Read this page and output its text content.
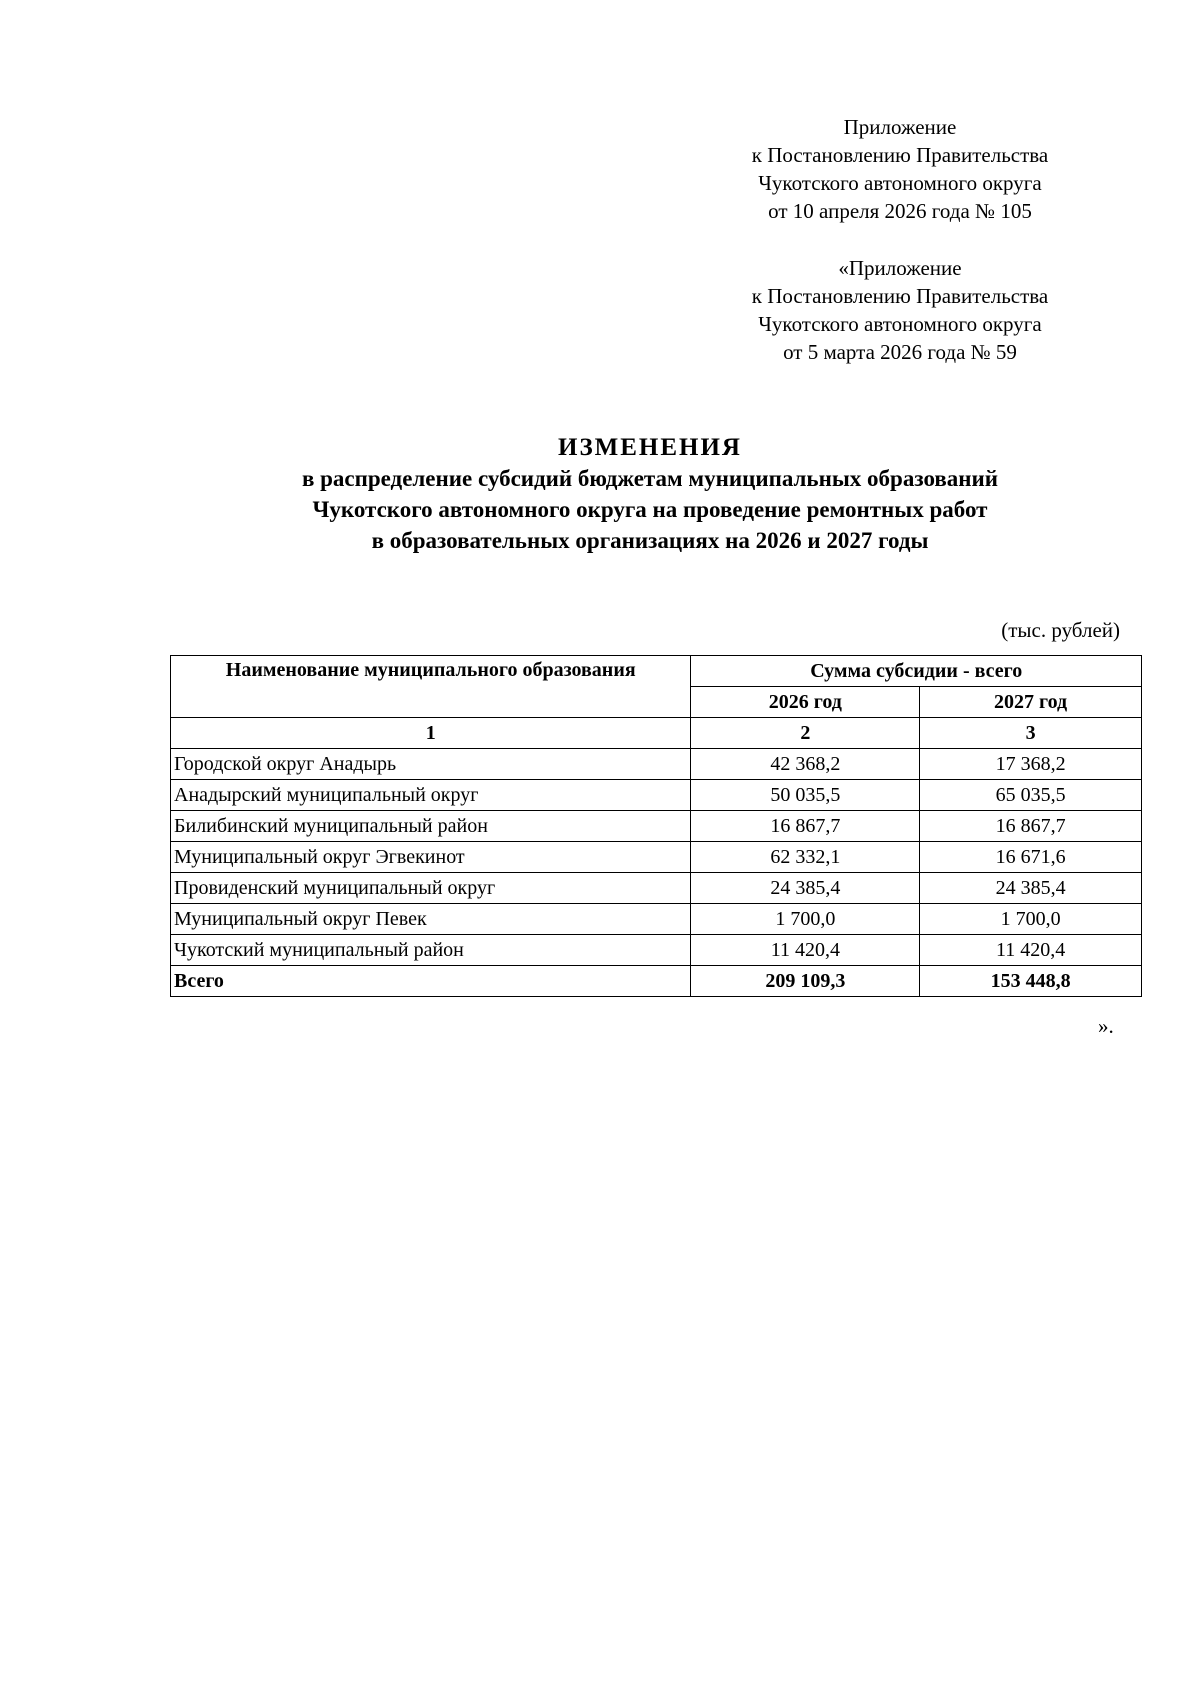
Приложение
к Постановлению Правительства
Чукотского автономного округа
от 10 апреля 2026 года № 105
«Приложение
к Постановлению Правительства
Чукотского автономного округа
от 5 марта 2026 года № 59
ИЗМЕНЕНИЯ
в распределение субсидий бюджетам муниципальных образований
Чукотского автономного округа на проведение ремонтных работ
в образовательных организациях на 2026 и 2027 годы
(тыс. рублей)
Наименование муниципального образования	Сумма субсидии - всего	
	2026 год	2027 год
1	2	3
Городской округ Анадырь	42 368,2	17 368,2
Анадырский муниципальный округ	50 035,5	65 035,5
Билибинский муниципальный район	16 867,7	16 867,7
Муниципальный округ Эгвекинот	62 332,1	16 671,6
Провиденский муниципальный округ	24 385,4	24 385,4
Муниципальный округ Певек	1 700,0	1 700,0
Чукотский муниципальный район	11 420,4	11 420,4
Всего	209 109,3	153 448,8
».
